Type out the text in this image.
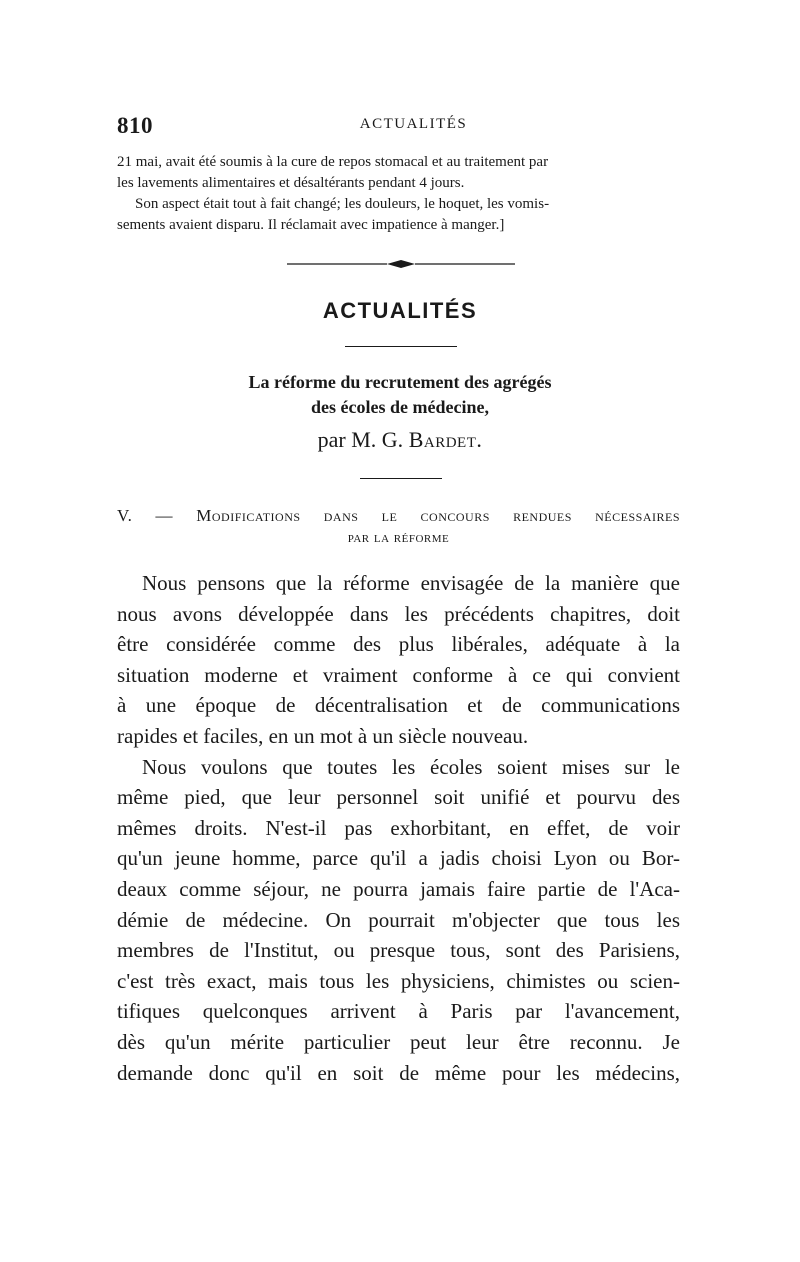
810	ACTUALITÉS

21 mai, avait été soumis à la cure de repos stomacal et au traitement par
les lavements alimentaires et désaltérants pendant 4 jours.

Son aspect était tout à fait changé; les douleurs, le hoquet, les vomis-
sements avaient disparu. Il réclamait avec impatience à manger.]

ACTUALITÉS
La réforme du recrutement des agrégés
des écoles de médecine,
par M. G. Bardet.
V. — Modifications dans le concours rendues nécessaires
par la réforme
Nous pensons que la réforme envisagée de la manière que
nous avons développée dans les précédents chapitres, doit
être considérée comme des plus libérales, adéquate à la
situation moderne et vraiment conforme à ce qui convient
à une époque de décentralisation et de communications
rapides et faciles, en un mot à un siècle nouveau.
Nous voulons que toutes les écoles soient mises sur le
même pied, que leur personnel soit unifié et pourvu des
mêmes droits. N'est-il pas exhorbitant, en effet, de voir
qu'un jeune homme, parce qu'il a jadis choisi Lyon ou Bor-
deaux comme séjour, ne pourra jamais faire partie de l'Aca-
démie de médecine. On pourrait m'objecter que tous les
membres de l'Institut, ou presque tous, sont des Parisiens,
c'est très exact, mais tous les physiciens, chimistes ou scien-
tifiques quelconques arrivent à Paris par l'avancement,
dès qu'un mérite particulier peut leur être reconnu. Je
demande donc qu'il en soit de même pour les médecins,
